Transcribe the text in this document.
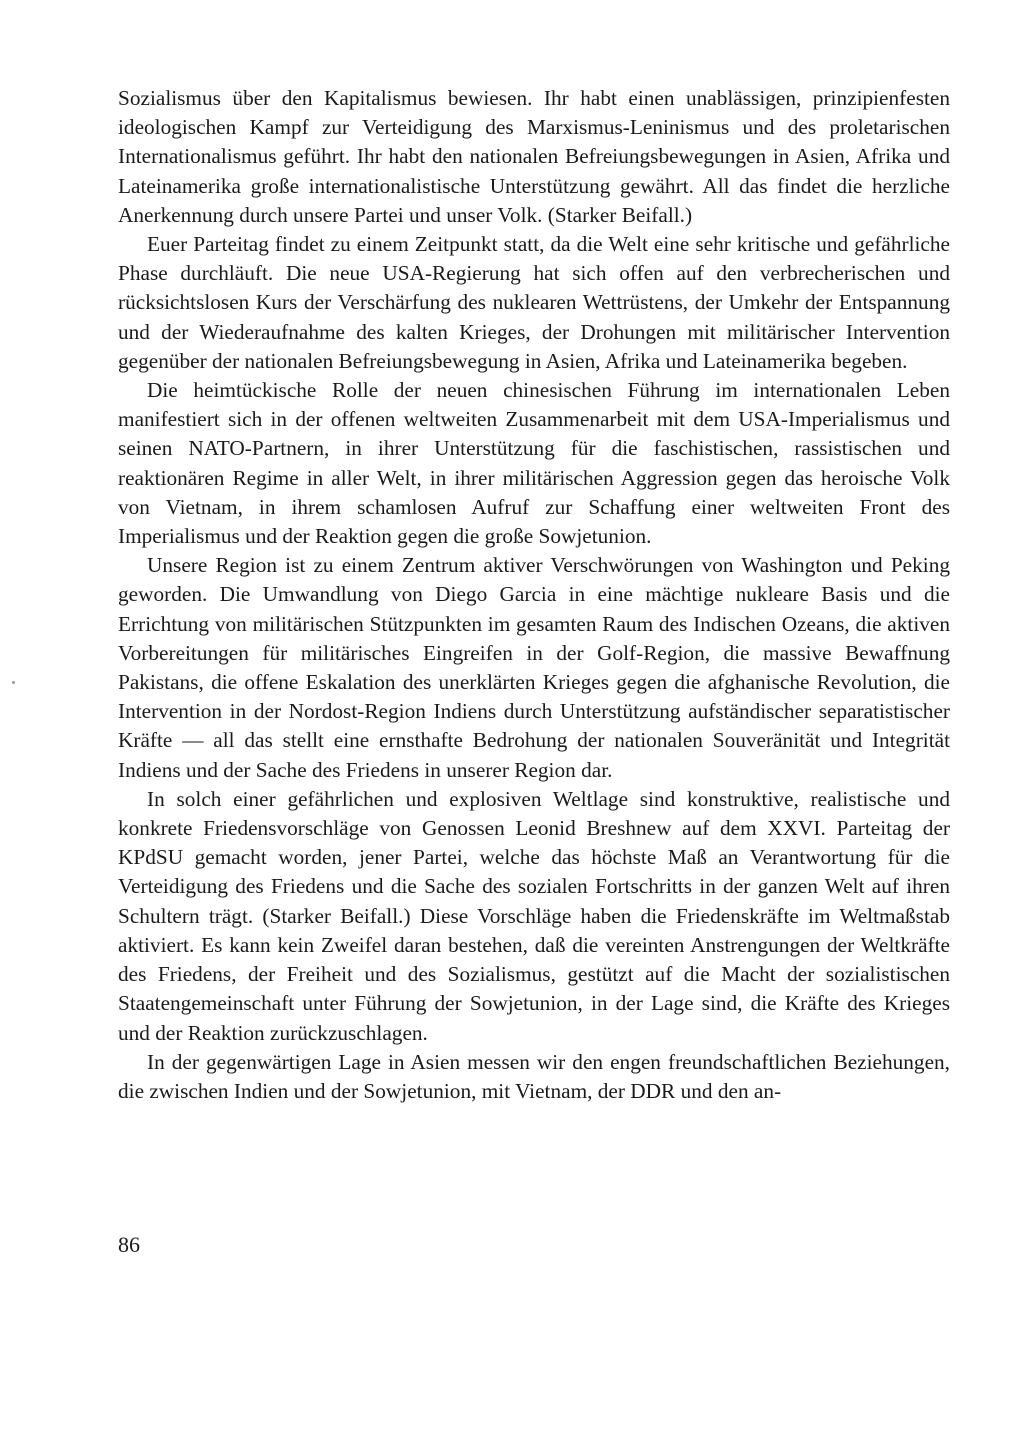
Sozialismus über den Kapitalismus bewiesen. Ihr habt einen unablässigen, prinzipienfesten ideologischen Kampf zur Verteidigung des Marxismus-Leninismus und des proletarischen Internationalismus geführt. Ihr habt den nationalen Befreiungsbewegungen in Asien, Afrika und Lateinamerika große internationalistische Unterstützung gewährt. All das findet die herzliche Anerkennung durch unsere Partei und unser Volk. (Starker Beifall.)

Euer Parteitag findet zu einem Zeitpunkt statt, da die Welt eine sehr kritische und gefährliche Phase durchläuft. Die neue USA-Regierung hat sich offen auf den verbrecherischen und rücksichtslosen Kurs der Verschärfung des nuklearen Wettrüstens, der Umkehr der Entspannung und der Wiederaufnahme des kalten Krieges, der Drohungen mit militärischer Intervention gegenüber der nationalen Befreiungsbewegung in Asien, Afrika und Lateinamerika begeben.

Die heimtückische Rolle der neuen chinesischen Führung im internationalen Leben manifestiert sich in der offenen weltweiten Zusammenarbeit mit dem USA-Imperialismus und seinen NATO-Partnern, in ihrer Unterstützung für die faschistischen, rassistischen und reaktionären Regime in aller Welt, in ihrer militärischen Aggression gegen das heroische Volk von Vietnam, in ihrem schamlosen Aufruf zur Schaffung einer weltweiten Front des Imperialismus und der Reaktion gegen die große Sowjetunion.

Unsere Region ist zu einem Zentrum aktiver Verschwörungen von Washington und Peking geworden. Die Umwandlung von Diego Garcia in eine mächtige nukleare Basis und die Errichtung von militärischen Stützpunkten im gesamten Raum des Indischen Ozeans, die aktiven Vorbereitungen für militärisches Eingreifen in der Golf-Region, die massive Bewaffnung Pakistans, die offene Eskalation des unerklärten Krieges gegen die afghanische Revolution, die Intervention in der Nordost-Region Indiens durch Unterstützung aufständischer separatistischer Kräfte — all das stellt eine ernsthafte Bedrohung der nationalen Souveränität und Integrität Indiens und der Sache des Friedens in unserer Region dar.

In solch einer gefährlichen und explosiven Weltlage sind konstruktive, realistische und konkrete Friedensvorschläge von Genossen Leonid Breshnew auf dem XXVI. Parteitag der KPdSU gemacht worden, jener Partei, welche das höchste Maß an Verantwortung für die Verteidigung des Friedens und die Sache des sozialen Fortschritts in der ganzen Welt auf ihren Schultern trägt. (Starker Beifall.) Diese Vorschläge haben die Friedenskräfte im Weltmaßstab aktiviert. Es kann kein Zweifel daran bestehen, daß die vereinten Anstrengungen der Weltkräfte des Friedens, der Freiheit und des Sozialismus, gestützt auf die Macht der sozialistischen Staatengemeinschaft unter Führung der Sowjetunion, in der Lage sind, die Kräfte des Krieges und der Reaktion zurückzuschlagen.

In der gegenwärtigen Lage in Asien messen wir den engen freundschaftlichen Beziehungen, die zwischen Indien und der Sowjetunion, mit Vietnam, der DDR und den an-

86
